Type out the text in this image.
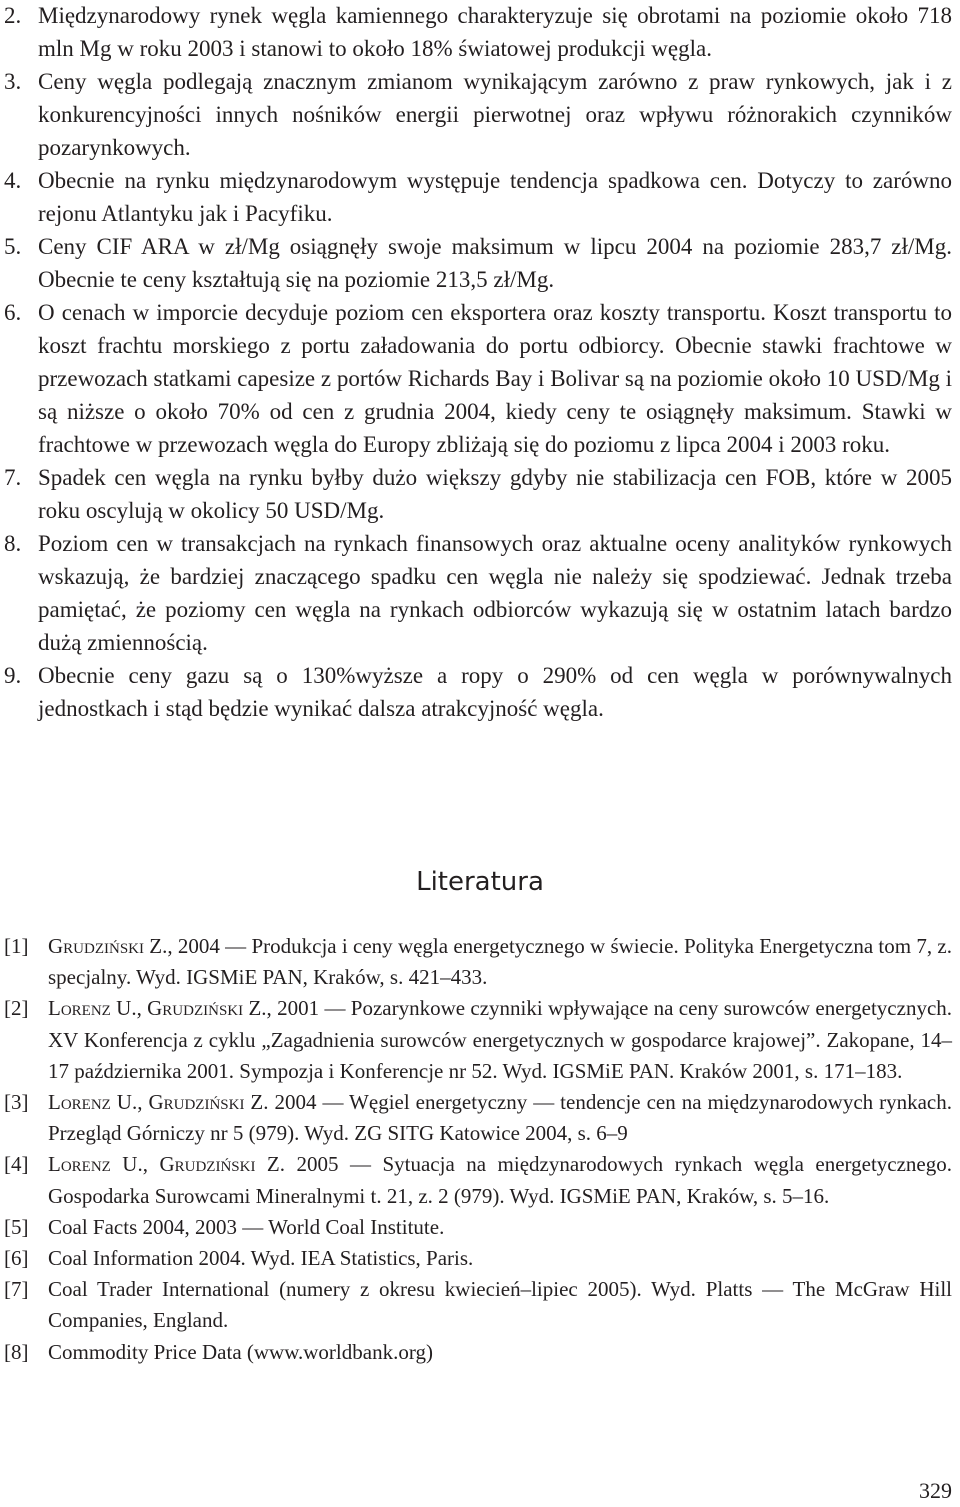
2. Międzynarodowy rynek węgla kamiennego charakteryzuje się obrotami na poziomie około 718 mln Mg w roku 2003 i stanowi to około 18% światowej produkcji węgla.
3. Ceny węgla podlegają znacznym zmianom wynikającym zarówno z praw rynkowych, jak i z konkurencyjności innych nośników energii pierwotnej oraz wpływu różnorakich czynników pozarynkowych.
4. Obecnie na rynku międzynarodowym występuje tendencja spadkowa cen. Dotyczy to zarówno rejonu Atlantyku jak i Pacyfiku.
5. Ceny CIF ARA w zł/Mg osiągnęły swoje maksimum w lipcu 2004 na poziomie 283,7 zł/Mg. Obecnie te ceny kształtują się na poziomie 213,5 zł/Mg.
6. O cenach w imporcie decyduje poziom cen eksportera oraz koszty transportu. Koszt transportu to koszt frachtu morskiego z portu załadowania do portu odbiorcy. Obecnie stawki frachtowe w przewozach statkami capesize z portów Richards Bay i Bolivar są na poziomie około 10 USD/Mg i są niższe o około 70% od cen z grudnia 2004, kiedy ceny te osiągnęły maksimum. Stawki w frachtowe w przewozach węgla do Europy zbliżają się do poziomu z lipca 2004 i 2003 roku.
7. Spadek cen węgla na rynku byłby dużo większy gdyby nie stabilizacja cen FOB, które w 2005 roku oscylują w okolicy 50 USD/Mg.
8. Poziom cen w transakcjach na rynkach finansowych oraz aktualne oceny analityków rynkowych wskazują, że bardziej znaczącego spadku cen węgla nie należy się spodziewać. Jednak trzeba pamiętać, że poziomy cen węgla na rynkach odbiorców wykazują się w ostatnim latach bardzo dużą zmiennością.
9. Obecnie ceny gazu są o 130%wyższe a ropy o 290% od cen węgla w porównywalnych jednostkach i stąd będzie wynikać dalsza atrakcyjność węgla.
Literatura
[1] Grudziński Z., 2004 — Produkcja i ceny węgla energetycznego w świecie. Polityka Energetyczna tom 7, z. specjalny. Wyd. IGSMiE PAN, Kraków, s. 421–433.
[2] Lorenz U., Grudziński Z., 2001 — Pozarynkowe czynniki wpływające na ceny surowców energetycznych. XV Konferencja z cyklu „Zagadnienia surowców energetycznych w gospodarce krajowej”. Zakopane, 14–17 października 2001. Sympozja i Konferencje nr 52. Wyd. IGSMiE PAN. Kraków 2001, s. 171–183.
[3] Lorenz U., Grudziński Z. 2004 — Węgiel energetyczny — tendencje cen na międzynarodowych rynkach. Przegląd Górniczy nr 5 (979). Wyd. ZG SITG Katowice 2004, s. 6–9
[4] Lorenz U., Grudziński Z. 2005 — Sytuacja na międzynarodowych rynkach węgla energetycznego. Gospodarka Surowcami Mineralnymi t. 21, z. 2 (979). Wyd. IGSMiE PAN, Kraków, s. 5–16.
[5] Coal Facts 2004, 2003 — World Coal Institute.
[6] Coal Information 2004. Wyd. IEA Statistics, Paris.
[7] Coal Trader International (numery z okresu kwiecień–lipiec 2005). Wyd. Platts — The McGraw Hill Companies, England.
[8] Commodity Price Data (www.worldbank.org)
329
